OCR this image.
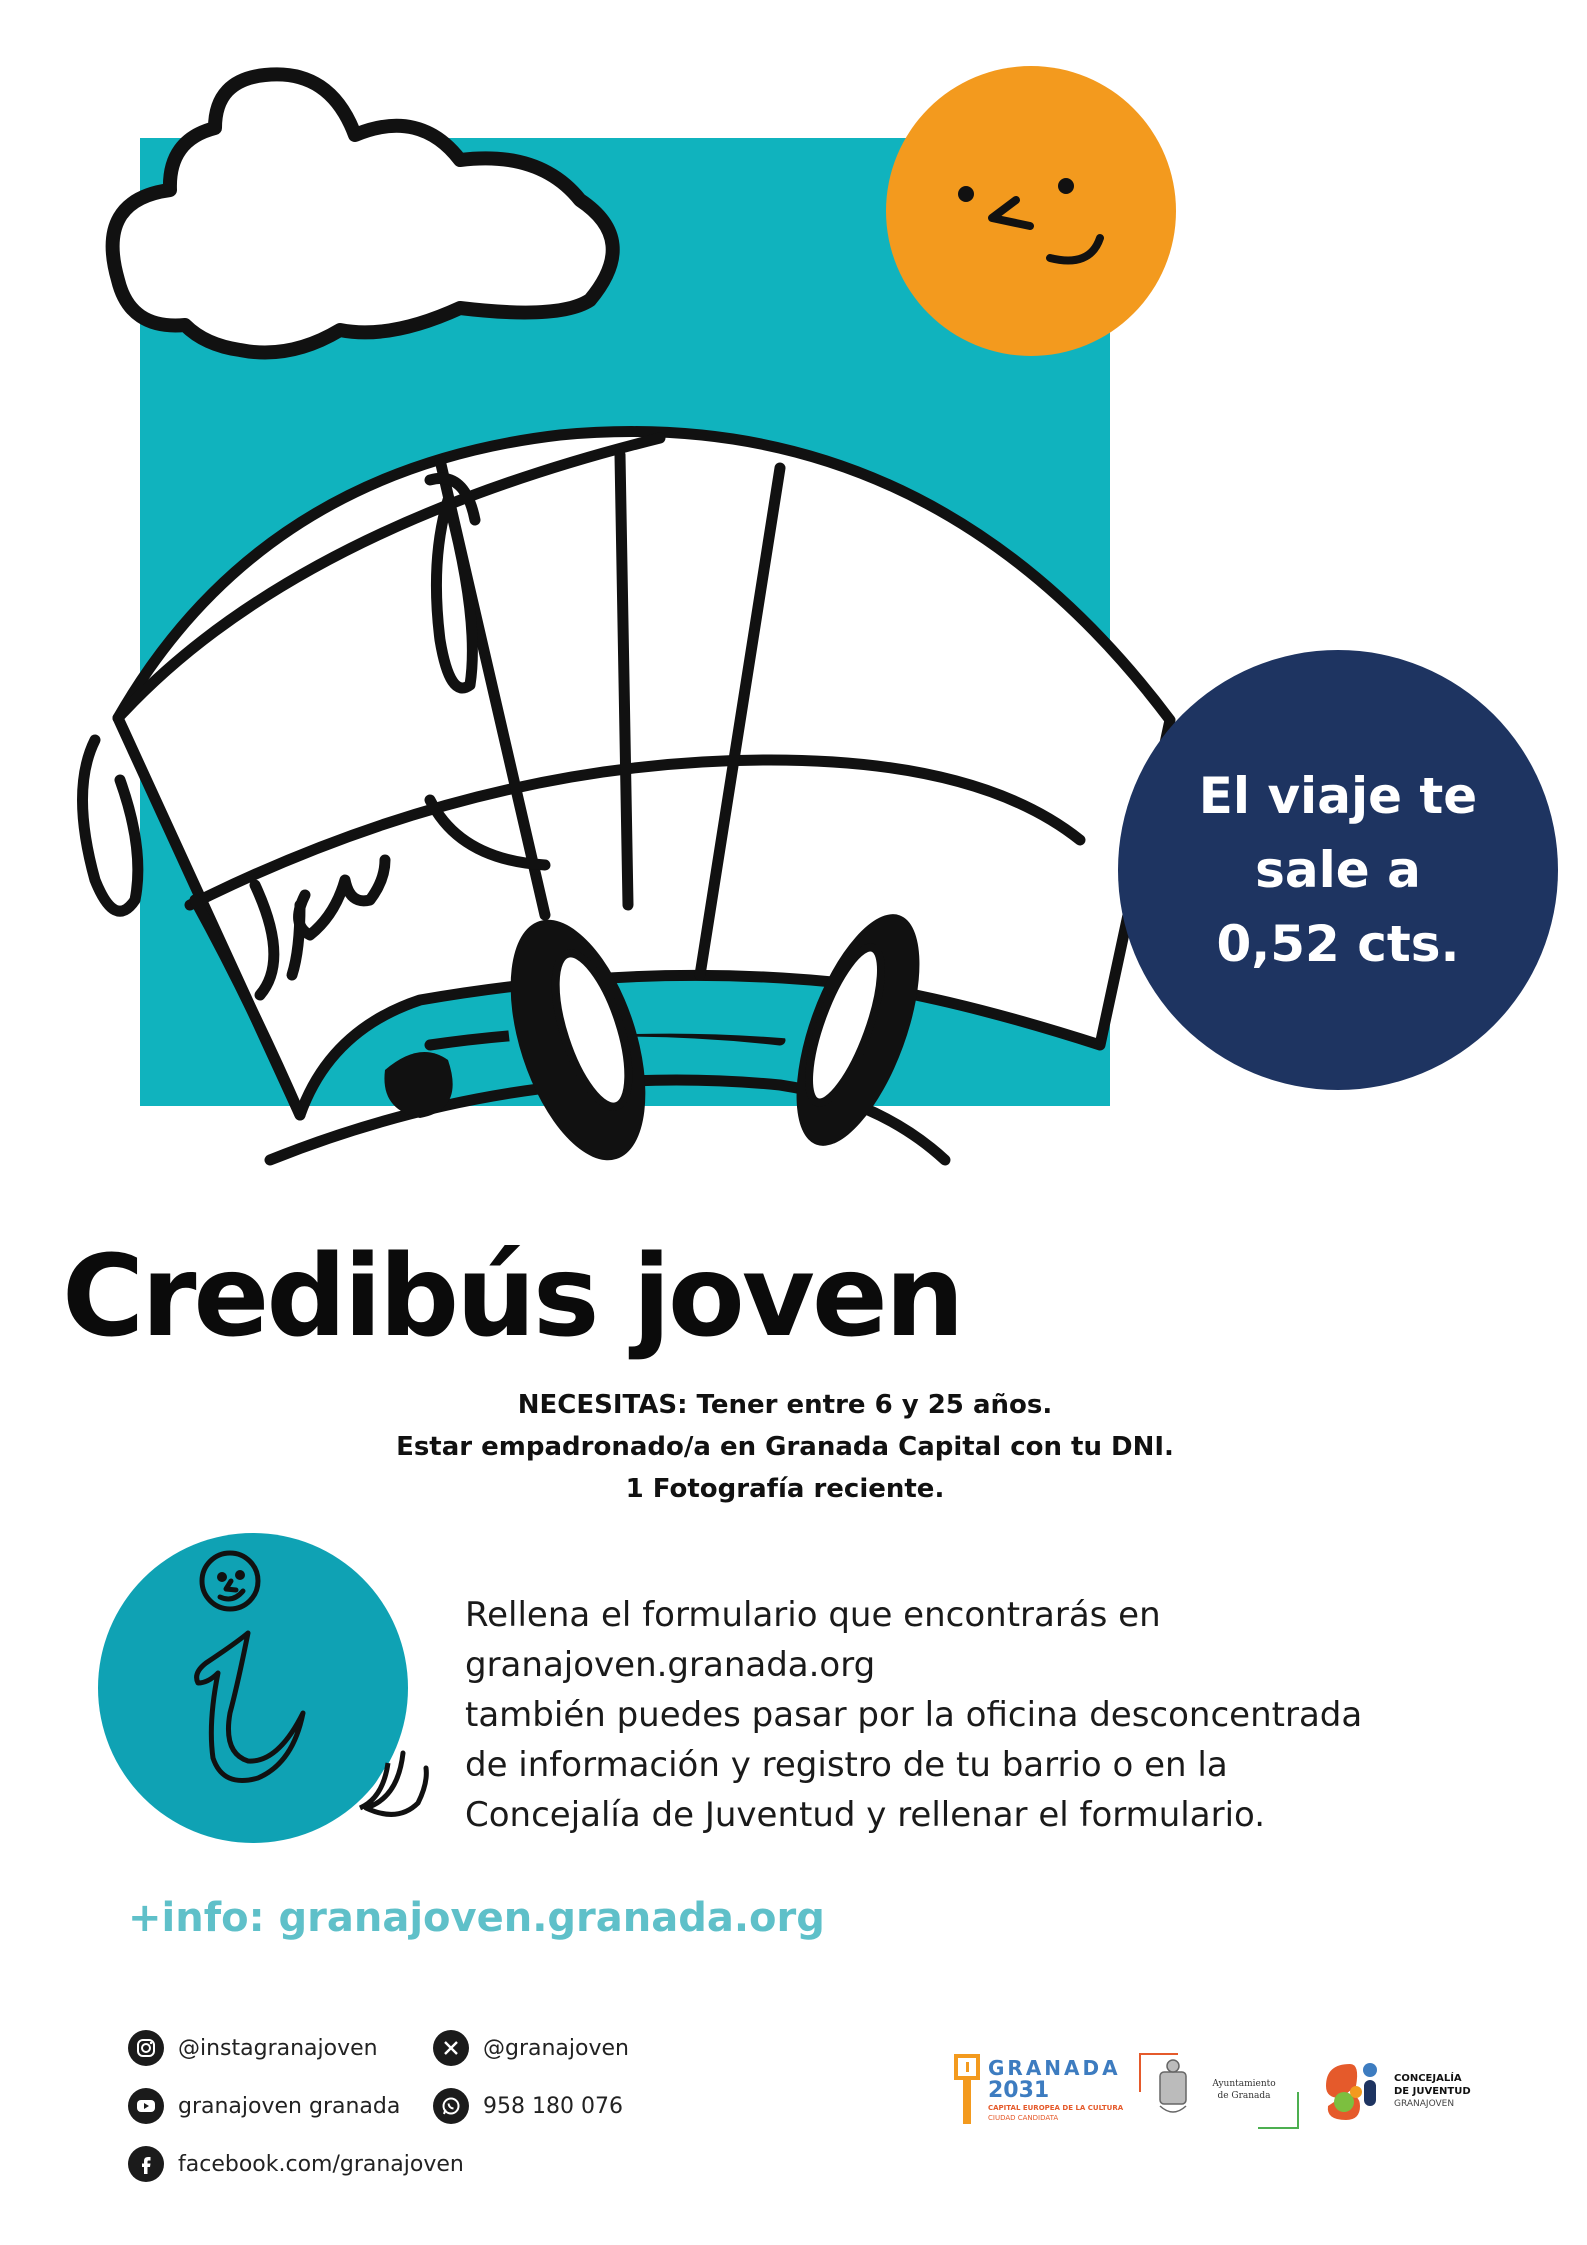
El viaje te
sale a
0,52 cts.
Credibús joven
NECESITAS: Tener entre 6 y 25 años.
Estar empadronado/a en Granada Capital con tu DNI.
1 Fotografía reciente.
Rellena el formulario que encontrarás en
granajoven.granada.org
también puedes pasar por la oficina desconcentrada
de información y registro de tu barrio o en la
Concejalía de Juventud y rellenar el formulario.
+info: granajoven.granada.org
@instagranajoven	@granajoven
granajoven granada	958 180 076
facebook.com/granajoven
GRANADA
2031
CAPITAL EUROPEA DE LA CULTURA
CIUDAD CANDIDATA
Ayuntamiento
de Granada
CONCEJALÍA
DE JUVENTUD
GRANAJOVEN
